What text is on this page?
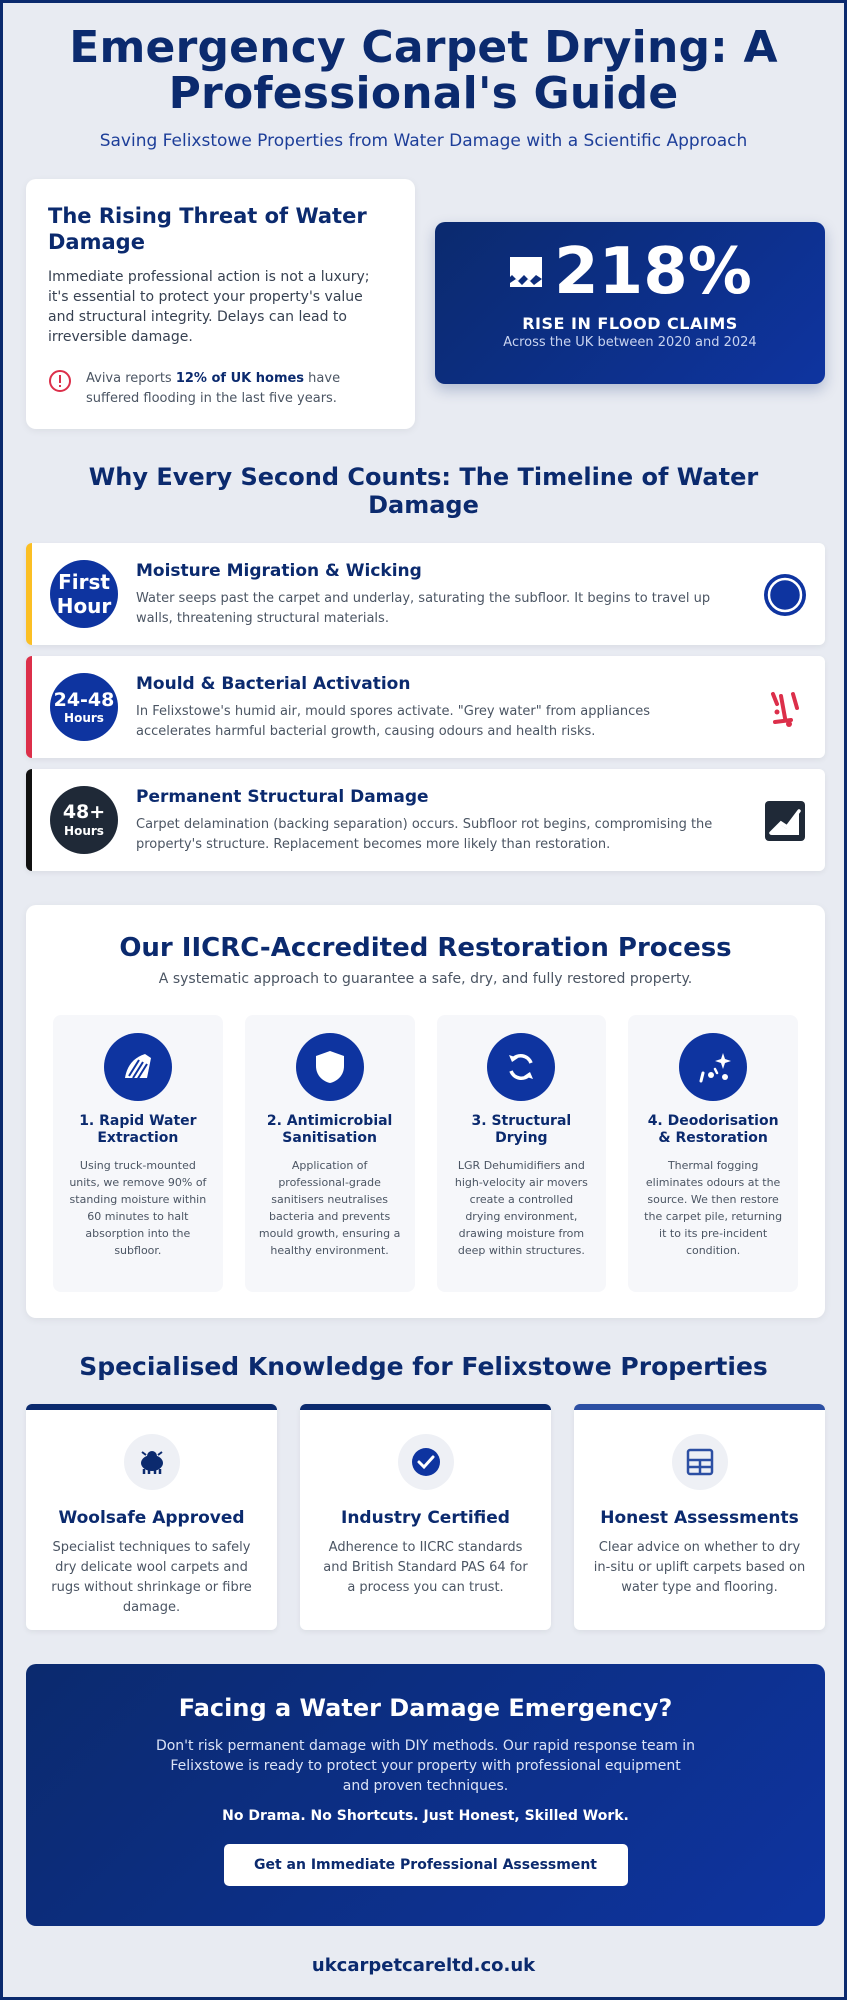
Emergency Carpet Drying: A Professional's Guide
Saving Felixstowe Properties from Water Damage with a Scientific Approach
The Rising Threat of Water Damage

Immediate professional action is not a luxury; it's essential to protect your property's value and structural integrity. Delays can lead to irreversible damage.

Aviva reports 12% of UK homes have suffered flooding in the last five years.
218%
RISE IN FLOOD CLAIMS
Across the UK between 2020 and 2024
Why Every Second Counts: The Timeline of Water Damage
First
Hour
Moisture Migration & Wicking

Water seeps past the carpet and underlay, saturating the subfloor. It begins to travel up walls, threatening structural materials.

24-48
Hours
Mould & Bacterial Activation

In Felixstowe's humid air, mould spores activate. "Grey water" from appliances accelerates harmful bacterial growth, causing odours and health risks.

48+
Hours
Permanent Structural Damage

Carpet delamination (backing separation) occurs. Subfloor rot begins, compromising the property's structure. Replacement becomes more likely than restoration.

Our IICRC-Accredited Restoration Process
A systematic approach to guarantee a safe, dry, and fully restored property.
1. Rapid Water Extraction

Using truck-mounted units, we remove 90% of standing moisture within 60 minutes to halt absorption into the subfloor.

2. Antimicrobial Sanitisation

Application of professional-grade sanitisers neutralises bacteria and prevents mould growth, ensuring a healthy environment.

3. Structural Drying

LGR Dehumidifiers and high-velocity air movers create a controlled drying environment, drawing moisture from deep within structures.

4. Deodorisation & Restoration

Thermal fogging eliminates odours at the source. We then restore the carpet pile, returning it to its pre-incident condition.

Specialised Knowledge for Felixstowe Properties
Woolsafe Approved

Specialist techniques to safely dry delicate wool carpets and rugs without shrinkage or fibre damage.

Industry Certified

Adherence to IICRC standards and British Standard PAS 64 for a process you can trust.

Honest Assessments

Clear advice on whether to dry in-situ or uplift carpets based on water type and flooring.

Facing a Water Damage Emergency?

Don't risk permanent damage with DIY methods. Our rapid response team in Felixstowe is ready to protect your property with professional equipment and proven techniques.

No Drama. No Shortcuts. Just Honest, Skilled Work.

Get an Immediate Professional Assessment
ukcarpetcareltd.co.uk
